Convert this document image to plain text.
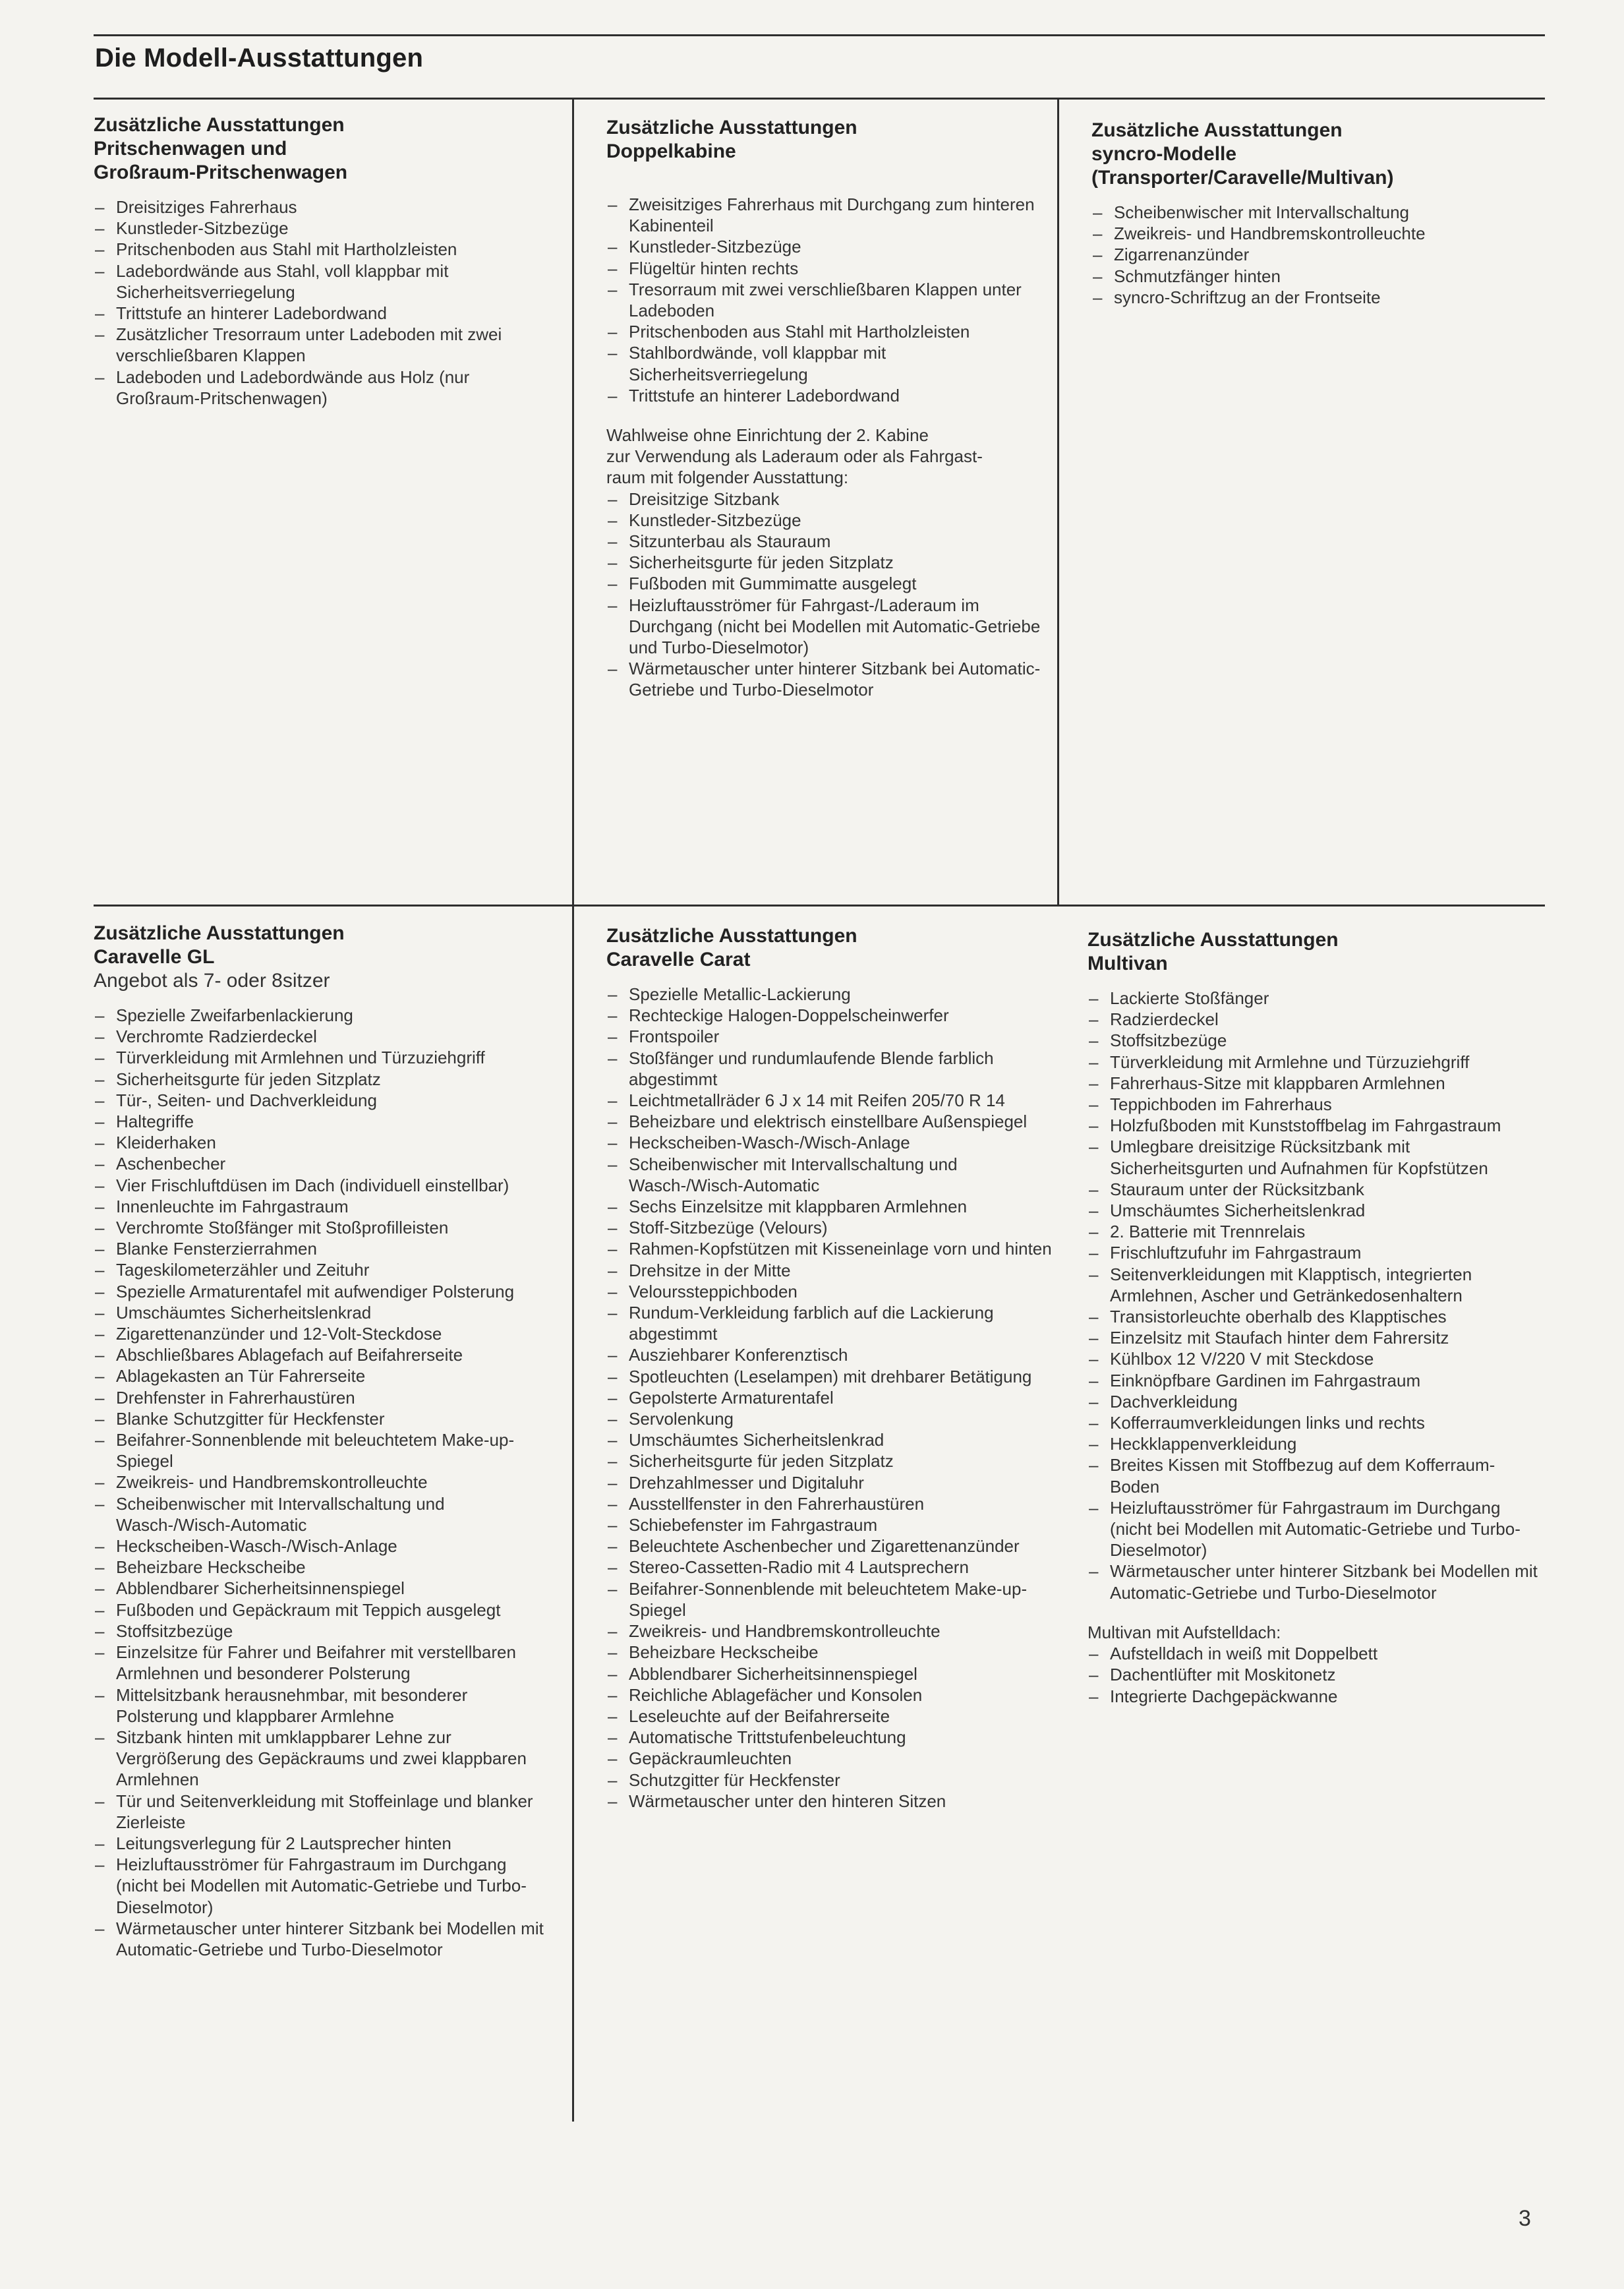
Die Modell-Ausstattungen
Zusätzliche Ausstattungen
Pritschenwagen und
Großraum-Pritschenwagen
– Dreisitziges Fahrerhaus
– Kunstleder-Sitzbezüge
– Pritschenboden aus Stahl mit Hartholzleisten
– Ladebordwände aus Stahl, voll klappbar mit Sicherheitsverriegelung
– Trittstufe an hinterer Ladebordwand
– Zusätzlicher Tresorraum unter Ladeboden mit zwei verschließbaren Klappen
– Ladeboden und Ladebordwände aus Holz (nur Großraum-Pritschenwagen)
Zusätzliche Ausstattungen
Doppelkabine
– Zweisitziges Fahrerhaus mit Durchgang zum hinteren Kabinenteil
– Kunstleder-Sitzbezüge
– Flügeltür hinten rechts
– Tresorraum mit zwei verschließbaren Klappen unter Ladeboden
– Pritschenboden aus Stahl mit Hartholzleisten
– Stahlbordwände, voll klappbar mit Sicherheitsverriegelung
– Trittstufe an hinterer Ladebordwand

Wahlweise ohne Einrichtung der 2. Kabine
zur Verwendung als Laderaum oder als Fahrgast-
raum mit folgender Ausstattung:

– Dreisitzige Sitzbank
– Kunstleder-Sitzbezüge
– Sitzunterbau als Stauraum
– Sicherheitsgurte für jeden Sitzplatz
– Fußboden mit Gummimatte ausgelegt
– Heizluftausströmer für Fahrgast-/Laderaum im Durchgang (nicht bei Modellen mit Automatic-Getriebe und Turbo-Dieselmotor)
– Wärmetauscher unter hinterer Sitzbank bei Automatic-Getriebe und Turbo-Dieselmotor
Zusätzliche Ausstattungen
syncro-Modelle
(Transporter/Caravelle/Multivan)
– Scheibenwischer mit Intervallschaltung
– Zweikreis- und Handbremskontrolleuchte
– Zigarrenanzünder
– Schmutzfänger hinten
– syncro-Schriftzug an der Frontseite
Zusätzliche Ausstattungen
Caravelle GL
Angebot als 7- oder 8sitzer
– Spezielle Zweifarbenlackierung
– Verchromte Radzierdeckel
– Türverkleidung mit Armlehnen und Türzuziehgriff
– Sicherheitsgurte für jeden Sitzplatz
– Tür-, Seiten- und Dachverkleidung
– Haltegriffe
– Kleiderhaken
– Aschenbecher
– Vier Frischluftdüsen im Dach (individuell einstellbar)
– Innenleuchte im Fahrgastraum
– Verchromte Stoßfänger mit Stoßprofilleisten
– Blanke Fensterzierrahmen
– Tageskilometerzähler und Zeituhr
– Spezielle Armaturentafel mit aufwendiger Polsterung
– Umschäumtes Sicherheitslenkrad
– Zigarettenanzünder und 12-Volt-Steckdose
– Abschließbares Ablagefach auf Beifahrerseite
– Ablagekasten an Tür Fahrerseite
– Drehfenster in Fahrerhaustüren
– Blanke Schutzgitter für Heckfenster
– Beifahrer-Sonnenblende mit beleuchtetem Make-up-Spiegel
– Zweikreis- und Handbremskontrolleuchte
– Scheibenwischer mit Intervallschaltung und Wasch-/Wisch-Automatic
– Heckscheiben-Wasch-/Wisch-Anlage
– Beheizbare Heckscheibe
– Abblendbarer Sicherheitsinnenspiegel
– Fußboden und Gepäckraum mit Teppich ausgelegt
– Stoffsitzbezüge
– Einzelsitze für Fahrer und Beifahrer mit verstellbaren Armlehnen und besonderer Polsterung
– Mittelsitzbank herausnehmbar, mit besonderer Polsterung und klappbarer Armlehne
– Sitzbank hinten mit umklappbarer Lehne zur Vergrößerung des Gepäckraums und zwei klappbaren Armlehnen
– Tür und Seitenverkleidung mit Stoffeinlage und blanker Zierleiste
– Leitungsverlegung für 2 Lautsprecher hinten
– Heizluftausströmer für Fahrgastraum im Durchgang (nicht bei Modellen mit Automatic-Getriebe und Turbo-Dieselmotor)
– Wärmetauscher unter hinterer Sitzbank bei Modellen mit Automatic-Getriebe und Turbo-Dieselmotor
Zusätzliche Ausstattungen
Caravelle Carat
– Spezielle Metallic-Lackierung
– Rechteckige Halogen-Doppelscheinwerfer
– Frontspoiler
– Stoßfänger und rundumlaufende Blende farblich abgestimmt
– Leichtmetallräder 6 J x 14 mit Reifen 205/70 R 14
– Beheizbare und elektrisch einstellbare Außenspiegel
– Heckscheiben-Wasch-/Wisch-Anlage
– Scheibenwischer mit Intervallschaltung und Wasch-/Wisch-Automatic
– Sechs Einzelsitze mit klappbaren Armlehnen
– Stoff-Sitzbezüge (Velours)
– Rahmen-Kopfstützen mit Kisseneinlage vorn und hinten
– Drehsitze in der Mitte
– Velourssteppichboden
– Rundum-Verkleidung farblich auf die Lackierung abgestimmt
– Ausziehbarer Konferenztisch
– Spotleuchten (Leselampen) mit drehbarer Betätigung
– Gepolsterte Armaturentafel
– Servolenkung
– Umschäumtes Sicherheitslenkrad
– Sicherheitsgurte für jeden Sitzplatz
– Drehzahlmesser und Digitaluhr
– Ausstellfenster in den Fahrerhaustüren
– Schiebefenster im Fahrgastraum
– Beleuchtete Aschenbecher und Zigarettenanzünder
– Stereo-Cassetten-Radio mit 4 Lautsprechern
– Beifahrer-Sonnenblende mit beleuchtetem Make-up-Spiegel
– Zweikreis- und Handbremskontrolleuchte
– Beheizbare Heckscheibe
– Abblendbarer Sicherheitsinnenspiegel
– Reichliche Ablagefächer und Konsolen
– Leseleuchte auf der Beifahrerseite
– Automatische Trittstufenbeleuchtung
– Gepäckraumleuchten
– Schutzgitter für Heckfenster
– Wärmetauscher unter den hinteren Sitzen
Zusätzliche Ausstattungen
Multivan
– Lackierte Stoßfänger
– Radzierdeckel
– Stoffsitzbezüge
– Türverkleidung mit Armlehne und Türzuziehgriff
– Fahrerhaus-Sitze mit klappbaren Armlehnen
– Teppichboden im Fahrerhaus
– Holzfußboden mit Kunststoffbelag im Fahrgastraum
– Umlegbare dreisitzige Rücksitzbank mit Sicherheitsgurten und Aufnahmen für Kopfstützen
– Stauraum unter der Rücksitzbank
– Umschäumtes Sicherheitslenkrad
– 2. Batterie mit Trennrelais
– Frischluftzufuhr im Fahrgastraum
– Seitenverkleidungen mit Klapptisch, integrierten Armlehnen, Ascher und Getränkedosenhaltern
– Transistorleuchte oberhalb des Klapptisches
– Einzelsitz mit Staufach hinter dem Fahrersitz
– Kühlbox 12 V/220 V mit Steckdose
– Einknöpfbare Gardinen im Fahrgastraum
– Dachverkleidung
– Kofferraumverkleidungen links und rechts
– Heckklappenverkleidung
– Breites Kissen mit Stoffbezug auf dem Kofferraum-Boden
– Heizluftausströmer für Fahrgastraum im Durchgang (nicht bei Modellen mit Automatic-Getriebe und Turbo-Dieselmotor)
– Wärmetauscher unter hinterer Sitzbank bei Modellen mit Automatic-Getriebe und Turbo-Dieselmotor

Multivan mit Aufstelldach:

– Aufstelldach in weiß mit Doppelbett
– Dachentlüfter mit Moskitonetz
– Integrierte Dachgepäckwanne
3
